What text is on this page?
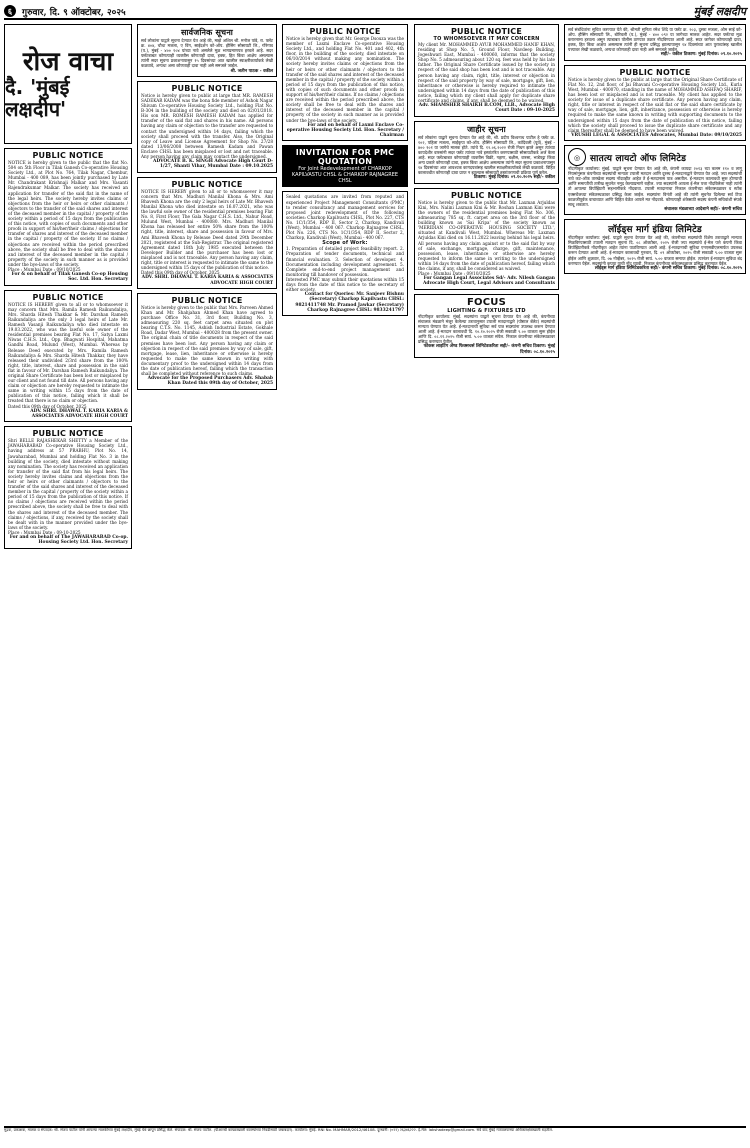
६	गुरुवार, दि. ९ ऑक्टोबर, २०२५	मुंबई लक्षदीप
रोज वाचा
दै. 'मुंबई लक्षदीप'
PUBLIC NOTICE
NOTICE is hereby given to the public that the flat No. 504 on 5th Floor in Tilak Ganesh Co-operative Housing Society Ltd., at Plot No. 764, Tilak Nagar, Chembur, Mumbai - 400 089, has been jointly purchased by Late Mr. Chandrakant Krishnaji Malkar and Mrs. Vasanti Rajendrakumar Malkar. The society has received an application for transfer of the said flat in the name of the legal heirs. The society hereby invites claims or objections from the heir or heirs or other claimants / objectors to the transfer of the said shares and interest of the deceased member in the capital / property of the society within a period of 15 days from the publication of this notice, with copies of such documents and other proofs in support of his/her/their claims / objections for transfer of shares and interest of the deceased member in the capital / property of the society. If no claims / objections are received within the period prescribed above, the society shall be free to deal with the shares and interest of the deceased member in the capital / property of the society in such manner as is provided under the bye-laws of the society.
Place : Mumbai Date : 09/10/2025
For & on behalf of Tilak Ganesh Co-op Housing Soc. Ltd. Hon. Secretary
PUBLIC NOTICE
NOTICE IS HEREBY given to all or to whomsoever it may concern that Mrs. Ramila Ramesh Raikundaliya, Mrs. Sharda Hitesh Thakkar & Mr. Darshan Ramesh Raikundaliya are the only 3 legal heirs of Late Mr. Ramesh Vasanji Raikundaliya who died intestate on 19.03.2022, who was the lawful sole owner of the residential premises bearing Flat No. 17, Satya Laxmi Niwas C.H.S. Ltd., Opp. Bhagwati Hospital, Mahatma Gandhi Road, Mulund (West), Mumbai. Whereas by Release Deed executed by Mrs. Ramila Ramesh Raikundaliya & Mrs. Sharda Hitesh Thakkar, they have released their undivided 2/3rd share from the 100% right, title, interest, share and possession in the said flat in favour of Mr. Darshan Ramesh Raikundaliya. The original Share Certificate has been lost or misplaced by our client and not found till date. All persons having any claim or objection are hereby requested to intimate the same in writing within 15 days from the date of publication of this notice, failing which it shall be treated that there is no claim or objection.
Dated this 09th day of October, 2025
ADV. SHRI. DHAWAL T. KARIA KARIA & ASSOCIATES ADVOCATE HIGH COURT
PUBLIC NOTICE
Shri BELLE RAJASHEKAR SHETTY a Member of the JAWAHARABAD Co-operative Housing Society Ltd., having address at 57 PRABHU, Plot No. 14, Jawaharabad, Mumbai and holding Flat No. 3 in the building of the society, died intestate without making any nomination. The society has received an application for transfer of the said flat from his legal heirs. The society hereby invites claims and objections from the heir or heirs or other claimants / objectors to the transfer of the said shares and interest of the deceased member in the capital / property of the society within a period of 15 days from the publication of this notice. If no claims / objections are received within the period prescribed above, the society shall be free to deal with the shares and interest of the deceased member. The claims / objections, if any, received by the society shall be dealt with in the manner provided under the bye-laws of the society.
Place : Mumbai Date : 09-10-2025
For and on behalf of The JAWAHARABAD Co-op. Housing Society Ltd. Hon. Secretary
सार्वजनिक सूचना
सर्व लोकांना याद्वारे सूचना देण्यात येत आहे की, माझे अशिल श्री. मनोज पांडे, रा. फ्लॅट क्र. ४०४, चौथा मजला, ए विंग, साईदर्शन को-ऑप. हौसिंग सोसायटी लि., गोरेगाव (प.), मुंबई - ४०० १०४ यांच्या नावे असलेले मूळ भागप्रमाणपत्र हरवले आहे. सदर फ्लॅटबाबत कोणत्याही व्यक्तीस कोणताही दावा, हक्क, हित किंवा आक्षेप असल्यास त्यांनी सदर सूचना प्रकाशनापासून १५ दिवसांच्या आत खालील स्वाक्षरीकर्त्याकडे लेखी कळवावे, अन्यथा असा कोणताही दावा नाही असे समजले जाईल.
श्री. जतीन पाठक - वकील
PUBLIC NOTICE
Notice is hereby given to public at large that MR. RAMESH SADEKAR KADAM was the bona fide member of Ashok Nagar Shivam Co-operative Housing Society Ltd., holding Flat No. B-304 in the building of the society and died on 02/01/2018. His son MR. ROMESH RAMESH KADAM has applied for transfer of the said flat and shares in his name. All persons having any claim or objection to the transfer are requested to contact the undersigned within 14 days, failing which the society shall proceed with the transfer. Also, the Original copy of Leave and License Agreement for Shop No. 27/28 dated 13/06/2008 between Ramesh Kadam and Pawan Enclave CHSL has been misplaced or lost and not traceable. Any person having any claim may contact the undersigned.
ADVOCATE B. K. SINGH Advocate High Court D-1/27, Shanti Vihar, Mumbai Date : 09.10.2025
PUBLIC NOTICE
NOTICE IS HEREBY given to all or to whomsoever it may concern that Mrs. Madhuri Manilal Khona & Mrs. Ami Bhavesh Khona are the only 2 legal heirs of Late Mr. Bhavesh Manilal Khona who died intestate on 16.07.2021, who was the lawful sole owner of the residential premises bearing Flat No. 8, First Floor, The Gala Nagar C.H.S. Ltd., Nahur Road, Mulund West, Mumbai - 400080. Mrs. Madhuri Manilal Khona has released her entire 50% share from the 100% right, title, interest, share and possession in favour of Mrs. Ami Bhavesh Khona by Release Deed dated 29th December 2021, registered at the Sub-Registrar. The original registered Agreement dated 18th July 1985 executed between the Developer Builder and the purchaser has been lost or misplaced and is not traceable. Any person having any claim, right, title or interest is requested to intimate the same to the undersigned within 15 days of the publication of this notice.
Dated this 09th day of October, 2025
ADV. SHRI. DHAWAL T. KARIA KARIA & ASSOCIATES ADVOCATE HIGH COURT
PUBLIC NOTICE
Notice is hereby given to the public that Mrs. Parveen Ahmed Khan and Mr. Shahjahan Ahmed Khan have agreed to purchase Office No. 31, 3rd floor, Building No. 3, admeasuring 220 sq. feet carpet area situated on plot bearing C.T.S. No. 1145, Ashish Industrial Estate, Gokhale Road, Dadar West, Mumbai - 400028 from the present owner. The original chain of title documents in respect of the said premises have been lost. Any person having any claim or objection in respect of the said premises by way of sale, gift, mortgage, lease, lien, inheritance or otherwise is hereby requested to make the same known in writing with documentary proof to the undersigned within 14 days from the date of publication hereof, failing which the transaction shall be completed without reference to such claims.
Advocate for the Proposed Purchasers Adv. Shabab Khan Dated this 09th day of October, 2025
PUBLIC NOTICE
Notice is hereby given that Mr. George Dsouza was the member of Laxmi Enclave Co-operative Housing Society Ltd., and holding Flat No. 401 and 402, 4th floor, in the building of the society, died intestate on 06/10/2014 without making any nomination. The society hereby invites claims or objections from the heir or heirs or other claimants / objectors to the transfer of the said shares and interest of the deceased member in the capital / property of the society within a period of 15 days from the publication of this notice, with copies of such documents and other proofs in support of his/her/their claims. If no claims / objections are received within the period prescribed above, the society shall be free to deal with the shares and interest of the deceased member in the capital / property of the society in such manner as is provided under the bye-laws of the society.
For and on behalf of Laxmi Enclave Co-operative Housing Society Ltd. Hon. Secretary / Chairman
INVITATION FOR PMC QUOTATION
For Joint Redevelopment of CHARKOP KAPILVASTU CHSL & CHARKOP RAJNAGREE CHSL
Sealed quotations are invited from reputed and experienced Project Management Consultants (PMC) to render consultancy and management services for proposed joint redevelopment of the following societies: Charkop Kapilvastu CHSL, Plot No. 227, CTS No. 1C/1/354, RDP II, Sector 2, Charkop, Kandivali (West), Mumbai - 400 067. Charkop Rajnagree CHSL, Plot No. 226, CTS No. 1C/1/354, RDP II, Sector 2, Charkop, Kandivali (West), Mumbai - 400 067.
Scope of Work:
1. Preparation of detailed project feasibility report. 2. Preparation of tender documents, technical and financial evaluation. 3. Selection of developer. 4. Documentation including development agreement. 5. Complete end-to-end project management and monitoring till handover of possession.
Interested PMC may submit their quotations within 15 days from the date of this notice to the secretary of either society.
Contact for Queries: Mr. Sanjeev Bishnu (Secretary) Charkop Kapilvastu CHSL: 9821411748 Mr. Pramod Jawkar (Secretary) Charkop Rajnagree CHSL: 9833241797
PUBLIC NOTICE
TO WHOMSOEVER IT MAY CONCERN
My client Mr. MOHAMMED AYUB MOHAMMED HANIF KHAN, residing at Shop No. 5, Ground Floor, Navdeep Building, Jogeshwari East, Mumbai - 400060, informs that the society Shop No. 5 admeasuring about 120 sq. feet was held by his late father. The Original Share Certificate issued by the society in respect of the said shop has been lost and is not traceable. Any person having any claim, right, title, interest or objection in respect of the said property by way of sale, mortgage, gift, lien, inheritance or otherwise is hereby required to intimate the undersigned within 14 days from the date of publication of this notice, failing which my client shall apply for duplicate share certificate and claims, if any, shall be deemed to be waived.
Adv. SHAMSHER SHAIKH B.COM, LLB., Advocate High Court Date : 09-10-2025
जाहीर सूचना
सर्व लोकांना याद्वारे सूचना देण्यात येत आहे की, श्री. प्रदीप विश्वनाथ पाटील हे फ्लॅट क्र. १०२, पहिला मजला, साईकृपा को-ऑप. हौसिंग सोसायटी लि., कांदिवली (पूर्व), मुंबई - ४०० १०१ या जागेचे मालक होते. त्यांचे दि. १२.०६.२०२२ रोजी निधन झाले असून त्यांच्या कायदेशीर वारसांनी सदर फ्लॅट त्यांच्या नावे हस्तांतरित करण्यासाठी सोसायटीकडे अर्ज केला आहे. सदर फ्लॅटबाबत कोणत्याही व्यक्तीस विक्री, गहाण, बक्षीस, वारसा, भाडेपट्टा किंवा अन्य प्रकारे कोणताही दावा, हक्क किंवा आक्षेप असल्यास त्यांनी सदर सूचना प्रकाशनापासून १४ दिवसांच्या आत आवश्यक कागदपत्रांसह खालील स्वाक्षरीकर्त्याकडे लेखी कळवावे. विहित कालावधीत कोणताही दावा प्राप्त न झाल्यास सोसायटी हस्तांतरणाची प्रक्रिया पूर्ण करेल.
ठिकाण: मुंबई दिनांक: ०९.१०.२०२५ सही/- वकील
PUBLIC NOTICE
Notice is hereby given to the public that Mr. Laxman Arjuldas Kini, Mrs. Nalini Laxman Kini & Mr. Roshan Laxman Kini were the owners of the residential premises being Flat No. 306, admeasuring 785 sq. ft. carpet area on the 3rd floor of the building known as 'Sai Kripa' of the society known as 'MERIDIAN CO-OPERATIVE HOUSING SOCIETY LTD.', situated at Kandivali West, Mumbai. Whereas Mr. Laxman Arjuldas Kini died on 16.11.2022 leaving behind his legal heirs. All persons having any claim against or to the said flat by way of sale, exchange, mortgage, charge, gift, maintenance, possession, lease, inheritance or otherwise are hereby requested to inform the same in writing to the undersigned within 14 days from the date of publication hereof, failing which the claims, if any, shall be considered as waived.
Place : Mumbai Date : 09/10/2025
For Gangan Legal Associates Sd/- Adv. Nilesh Gangan Advocate High Court, Legal Advisors and Consultants
FOCUS
LIGHTING & FIXTURES LTD
नोंदणीकृत कार्यालय: मुंबई. सदस्यांना याद्वारे सूचना देण्यात येत आहे की, कंपनीच्या संचालक मंडळाने मंजूर केलेल्या ठरावानुसार टपाली मतदानाद्वारे (पोस्टल बॅलेट) सदस्यांची मान्यता घेण्यात येत आहे. ई-मतदानाची सुविधा सर्व पात्र सदस्यांना उपलब्ध करून देण्यात आली आहे. ई-मतदान कालावधी दि. १०.१०.२०२५ रोजी सकाळी ९.०० वाजता सुरू होईल आणि दि. ०८.११.२०२५ रोजी सायं. ५.०० वाजता संपेल. निकाल कंपनीच्या संकेतस्थळावर प्रसिद्ध करण्यात येतील.
फोकस लाइटिंग ॲण्ड फिक्सचर्स लिमिटेडकरिता सही/- कंपनी सचिव ठिकाण: मुंबई दिनांक: ०८.१०.२०२५
सर्व संबंधितांना सूचित करण्यात येते की, श्रीमती सुनिता रमेश शिंदे या फ्लॅट क्र. २०३, दुसरा मजला, ओम साई को-ऑप. हौसिंग सोसायटी लि., बोरिवली (प.), मुंबई - ४०० ०९२ या जागेच्या मालक आहेत. सदर फ्लॅटचा मूळ करारनामा हरवला असून त्याबाबत पोलीस ठाण्यात तक्रार नोंदविण्यात आली आहे. सदर जागेवर कोणाचाही दावा, हक्क, हित किंवा आक्षेप असल्यास त्यांनी ही सूचना प्रसिद्ध झाल्यापासून १४ दिवसांच्या आत पुराव्यांसह खालील पत्त्यावर लेखी कळवावे, अन्यथा कोणताही दावा नाही असे समजले जाईल.
सही/- वकील ठिकाण: मुंबई दिनांक: ०९.१०.२०२५
PUBLIC NOTICE
Notice is hereby given to the public at large that the Original Share Certificate of Flat No. 12, 2nd floor, of Jai Bhavani Co-operative Housing Society Ltd., Kurla West, Mumbai - 400070, standing in the name of MOHAMMED ASHFAQ SHARIF, has been lost or misplaced and is not traceable. My client has applied to the society for issue of a duplicate share certificate. Any person having any claim, right, title or interest in respect of the said flat or the said share certificate by way of sale, mortgage, lien, gift, inheritance, possession or otherwise is hereby required to make the same known in writing with supporting documents to the undersigned within 15 days from the date of publication of this notice, failing which the society shall proceed to issue the duplicate share certificate and any claim thereafter shall be deemed to have been waived.
VRUSHI LEGAL & ASSOCIATES Advocates, Mumbai Date: 09/10/2025
◎	सातत्य लायटो ऑफ लिमिटेड
नोंदणीकृत कार्यालय: मुंबई. याद्वारे सूचना देण्यात येत आहे की, कंपनी कायदा २०१३ च्या कलम ११० व लागू नियमांनुसार कंपनीच्या सदस्यांची मान्यता टपाली मतदान आणि दूरस्थ ई-मतदानाद्वारे घेण्यात येत आहे. ज्या सदस्यांची नावे कट-ऑफ तारखेला सदस्य नोंदवहीत आहेत ते ई-मतदानास पात्र असतील. ई-मतदान कालावधी सुरू होण्याची आणि समाप्तीची तारीख सूचनेत नमूद केल्याप्रमाणे राहील. ज्या सदस्यांनी आपला ई-मेल पत्ता नोंदविलेला नाही त्यांनी तो आपल्या डिपॉझिटरी सहभागीकडे नोंदवावा. टपाली मतदानाचा निकाल कंपनीच्या संकेतस्थळावर व स्टॉक एक्सचेंजच्या संकेतस्थळावर प्रसिद्ध केला जाईल. सदस्यांना विनंती आहे की त्यांनी सूचनेत दिलेल्या सर्व टिपा काळजीपूर्वक वाचाव्यात आणि विहित वेळेत आपले मत नोंदवावे. कोणत्याही शंकेसाठी सदस्य कंपनी सचिवांशी संपर्क साधू शकतात.
संचालक मंडळाच्या आदेशाने सही/- कंपनी सचिव
लॉईड्स मार्ग इंडिया लिमिटेड
नोंदणीकृत कार्यालय: मुंबई. याद्वारे सूचना देण्यात येत आहे की, कंपनीच्या सदस्यांची विशेष ठरावाद्वारे मान्यता मिळविण्यासाठी टपाली मतदान सूचना दि. ०८ ऑक्टोबर, २०२५ रोजी ज्या सदस्यांचे ई-मेल पत्ते कंपनी किंवा डिपॉझिटरीकडे नोंदणीकृत आहेत त्यांना पाठविण्यात आली आहे. ई-मतदानाची सुविधा एनएसडीएलमार्फत उपलब्ध करून देण्यात आली आहे. ई-मतदान कालावधी गुरुवार, दि. ०९ ऑक्टोबर, २०२५ रोजी सकाळी ९.०० वाजता सुरू होईल आणि शुक्रवार, दि. ०७ नोव्हेंबर, २०२५ रोजी सायं. ५.०० वाजता समाप्त होईल. त्यानंतर ई-मतदान सुविधा बंद करण्यात येईल. सदस्यांनी कृपया याची नोंद घ्यावी. निकाल कंपनीच्या संकेतस्थळावर प्रसिद्ध करण्यात येईल.
लॉईड्स मार्ग इंडिया लिमिटेडकरिता सही/- कंपनी सचिव ठिकाण: मुंबई दिनांक: ०८.१०.२०२५
मुद्रक, प्रकाशक, मालक व संपादक: श्री. संजय पाटील यांनी आपल्या मालकीच्या मुंबई लक्षदीप, मुंबई येथे छापून प्रसिद्ध केले. संपादक: श्री. संजय पाटील. (पीआरबी कायद्याखाली बातम्यांच्या निवडीसाठी जबाबदार). कार्यालय: मुंबई. RNI No. MAHMAR/2012/46108. दूरध्वनी: (०२२) २६३४६२२२. ई-मेल: lakshadeep@gmail.com. सर्व वाद मुंबई न्यायालयाच्या अधिकारक्षेत्राखाली राहतील.
